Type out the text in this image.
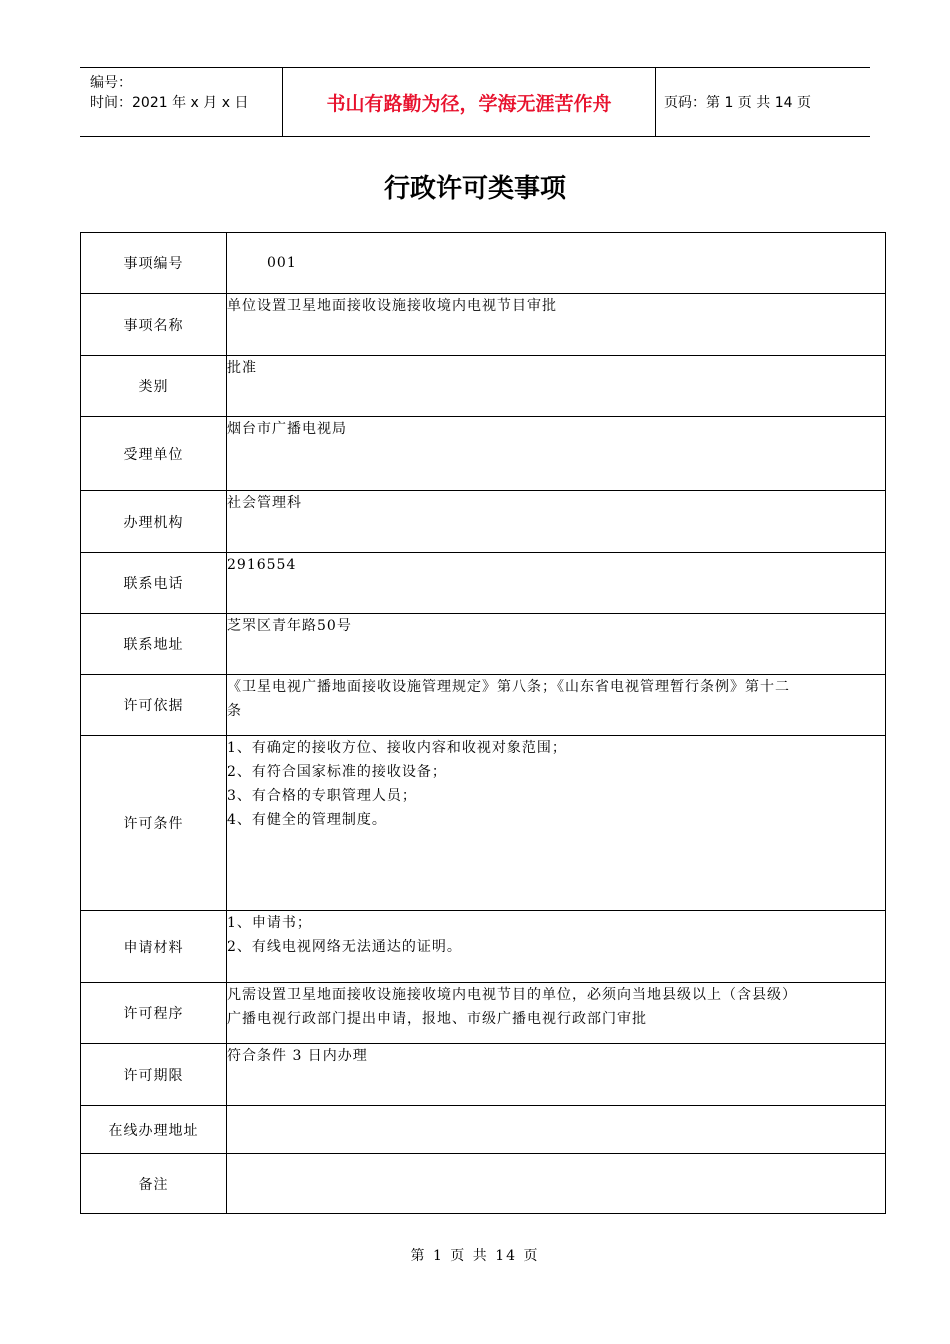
编号：
时间：2021 年 x 月 x 日	书山有路勤为径，学海无涯苦作舟	页码：第 1 页 共 14 页
行政许可类事项
事项编号	001

事项名称	单位设置卫星地面接收设施接收境内电视节目审批

类别	批准

受理单位	烟台市广播电视局

办理机构	社会管理科

联系电话	2916554

联系地址	芝罘区青年路50号

许可依据	《卫星电视广播地面接收设施管理规定》第八条；《山东省电视管理暂行条例》第十二
条

许可条件	1、有确定的接收方位、接收内容和收视对象范围；
2、有符合国家标准的接收设备；
3、有合格的专职管理人员；
4、有健全的管理制度。

申请材料	1、申请书；
2、有线电视网络无法通达的证明。

许可程序	凡需设置卫星地面接收设施接收境内电视节目的单位，必须向当地县级以上（含县级）
广播电视行政部门提出申请，报地、市级广播电视行政部门审批

许可期限	符合条件 3 日内办理

在线办理地址	
备注	
第 1 页 共 14 页
